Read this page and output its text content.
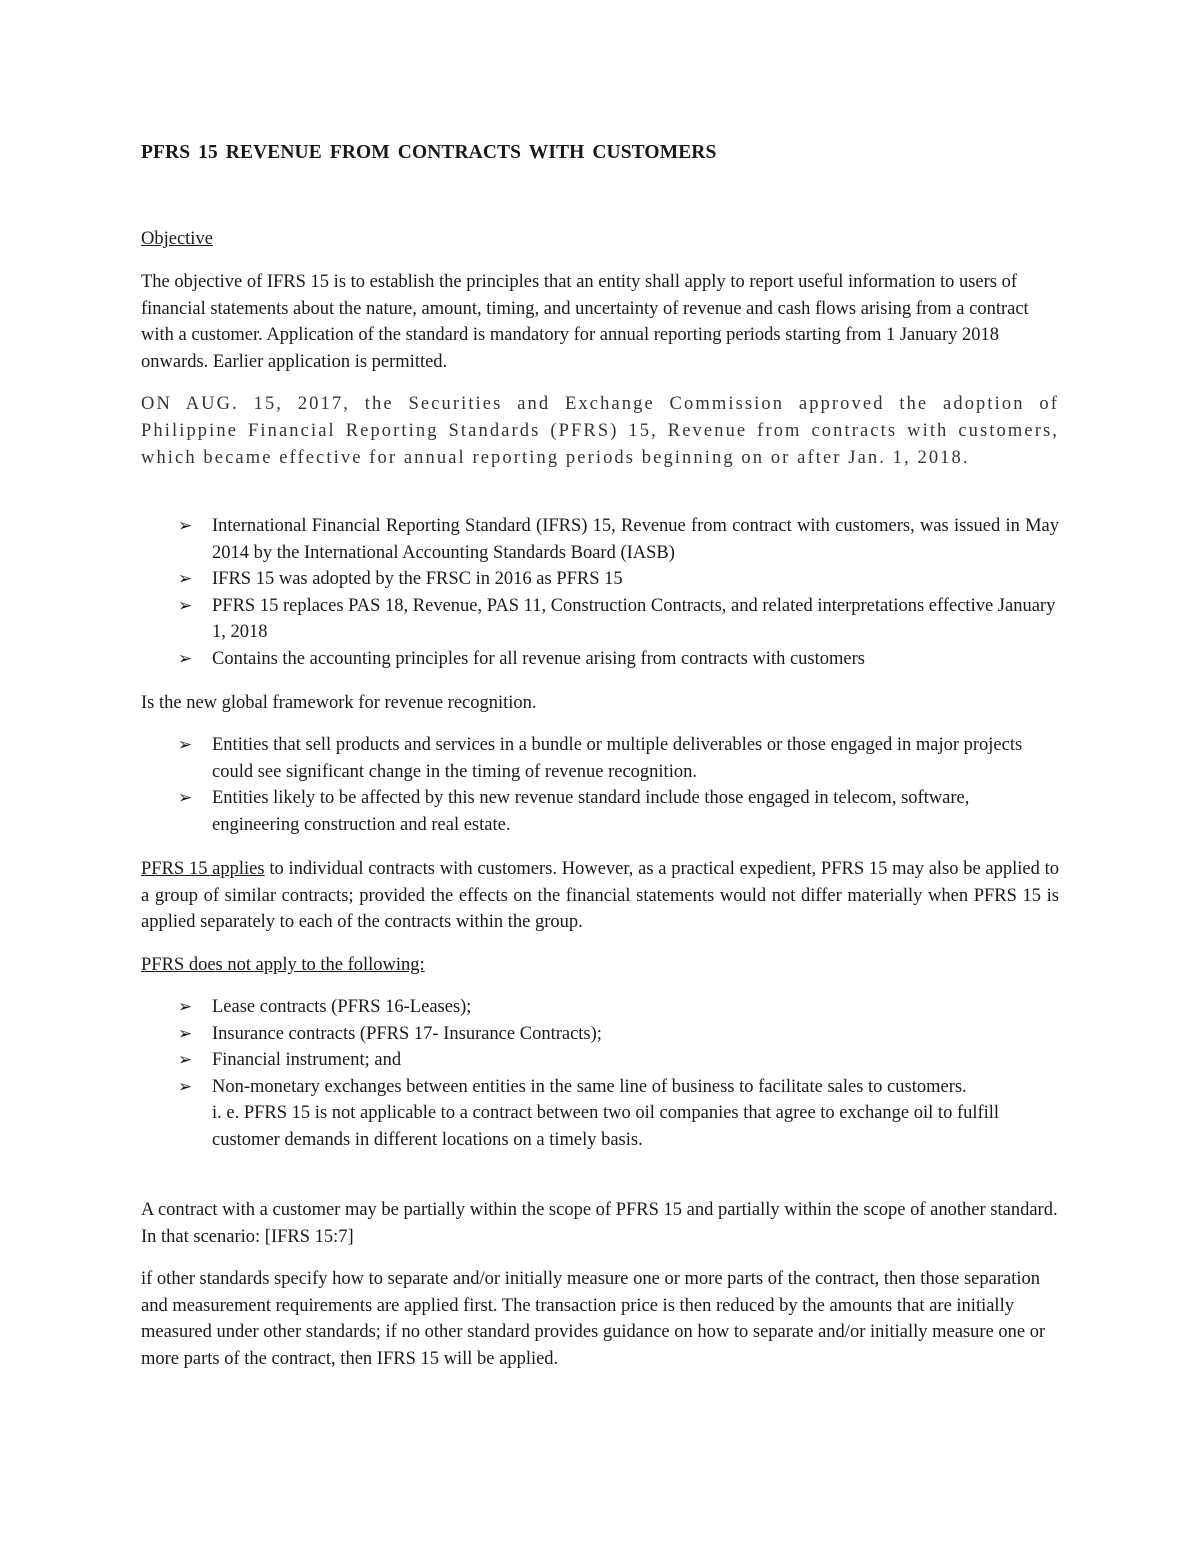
PFRS 15 REVENUE FROM CONTRACTS WITH CUSTOMERS
Objective

The objective of IFRS 15 is to establish the principles that an entity shall apply to report useful information to users of financial statements about the nature, amount, timing, and uncertainty of revenue and cash flows arising from a contract with a customer. Application of the standard is mandatory for annual reporting periods starting from 1 January 2018 onwards. Earlier application is permitted.

ON AUG. 15, 2017, the Securities and Exchange Commission approved the adoption of Philippine Financial Reporting Standards (PFRS) 15, Revenue from contracts with customers, which became effective for annual reporting periods beginning on or after Jan. 1, 2018.

➢ International Financial Reporting Standard (IFRS) 15, Revenue from contract with customers, was issued in May 2014 by the International Accounting Standards Board (IASB)
➢ IFRS 15 was adopted by the FRSC in 2016 as PFRS 15
➢ PFRS 15 replaces PAS 18, Revenue, PAS 11, Construction Contracts, and related interpretations effective January 1, 2018
➢ Contains the accounting principles for all revenue arising from contracts with customers

Is the new global framework for revenue recognition.

➢ Entities that sell products and services in a bundle or multiple deliverables or those engaged in major projects could see significant change in the timing of revenue recognition.
➢ Entities likely to be affected by this new revenue standard include those engaged in telecom, software, engineering construction and real estate.

PFRS 15 applies to individual contracts with customers. However, as a practical expedient, PFRS 15 may also be applied to a group of similar contracts; provided the effects on the financial statements would not differ materially when PFRS 15 is applied separately to each of the contracts within the group.

PFRS does not apply to the following:
➢ Lease contracts (PFRS 16-Leases);
➢ Insurance contracts (PFRS 17- Insurance Contracts);
➢ Financial instrument; and
➢ Non-monetary exchanges between entities in the same line of business to facilitate sales to customers.
i. e. PFRS 15 is not applicable to a contract between two oil companies that agree to exchange oil to fulfill customer demands in different locations on a timely basis.

A contract with a customer may be partially within the scope of PFRS 15 and partially within the scope of another standard. In that scenario: [IFRS 15:7]

if other standards specify how to separate and/or initially measure one or more parts of the contract, then those separation and measurement requirements are applied first. The transaction price is then reduced by the amounts that are initially measured under other standards; if no other standard provides guidance on how to separate and/or initially measure one or more parts of the contract, then IFRS 15 will be applied.
